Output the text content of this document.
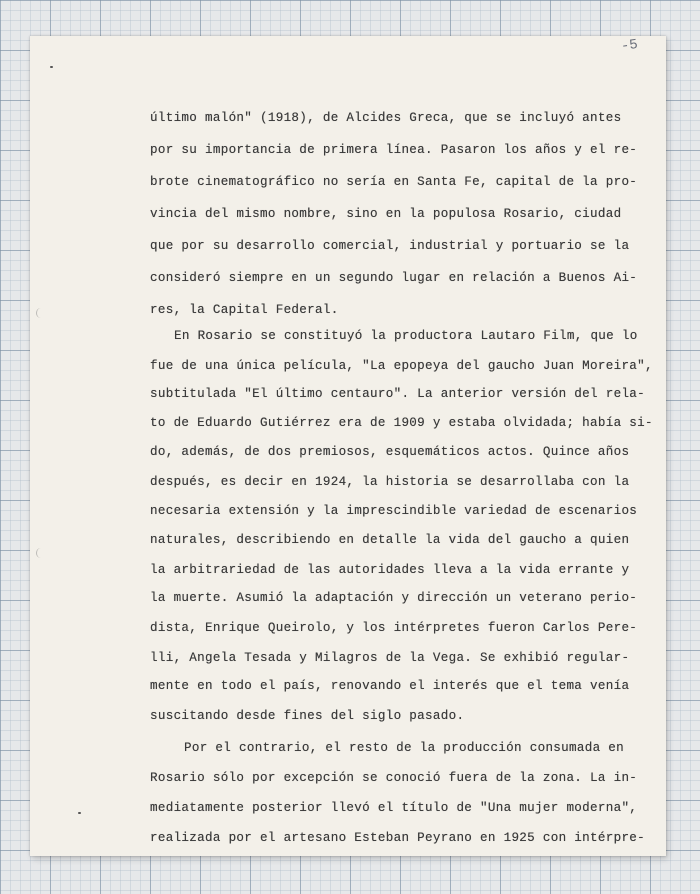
-5
último malón" (1918), de Alcides Greca, que se incluyó antes
por su importancia de primera línea. Pasaron los años y el re-
brote cinematográfico no sería en Santa Fe, capital de la pro-
vincia del mismo nombre, sino en la populosa Rosario, ciudad
que por su desarrollo comercial, industrial y portuario se la
consideró siempre en un segundo lugar en relación a Buenos Ai-
res, la Capital Federal.
En Rosario se constituyó la productora Lautaro Film, que lo
fue de una única película, "La epopeya del gaucho Juan Moreira",
subtitulada "El último centauro". La anterior versión del rela-
to de Eduardo Gutiérrez era de 1909 y estaba olvidada; había si-
do, además, de dos premiosos, esquemáticos actos. Quince años
después, es decir en 1924, la historia se desarrollaba con la
necesaria extensión y la imprescindible variedad de escenarios
naturales, describiendo en detalle la vida del gaucho a quien
la arbitrariedad de las autoridades lleva a la vida errante y
la muerte. Asumió la adaptación y dirección un veterano perio-
dista, Enrique Queirolo, y los intérpretes fueron Carlos Pere-
lli, Angela Tesada y Milagros de la Vega. Se exhibió regular-
mente en todo el país, renovando el interés que el tema venía
suscitando desde fines del siglo pasado.
Por el contrario, el resto de la producción consumada en
Rosario sólo por excepción se conoció fuera de la zona. La in-
mediatamente posterior llevó el título de "Una mujer moderna",
realizada por el artesano Esteban Peyrano en 1925 con intérpre-
